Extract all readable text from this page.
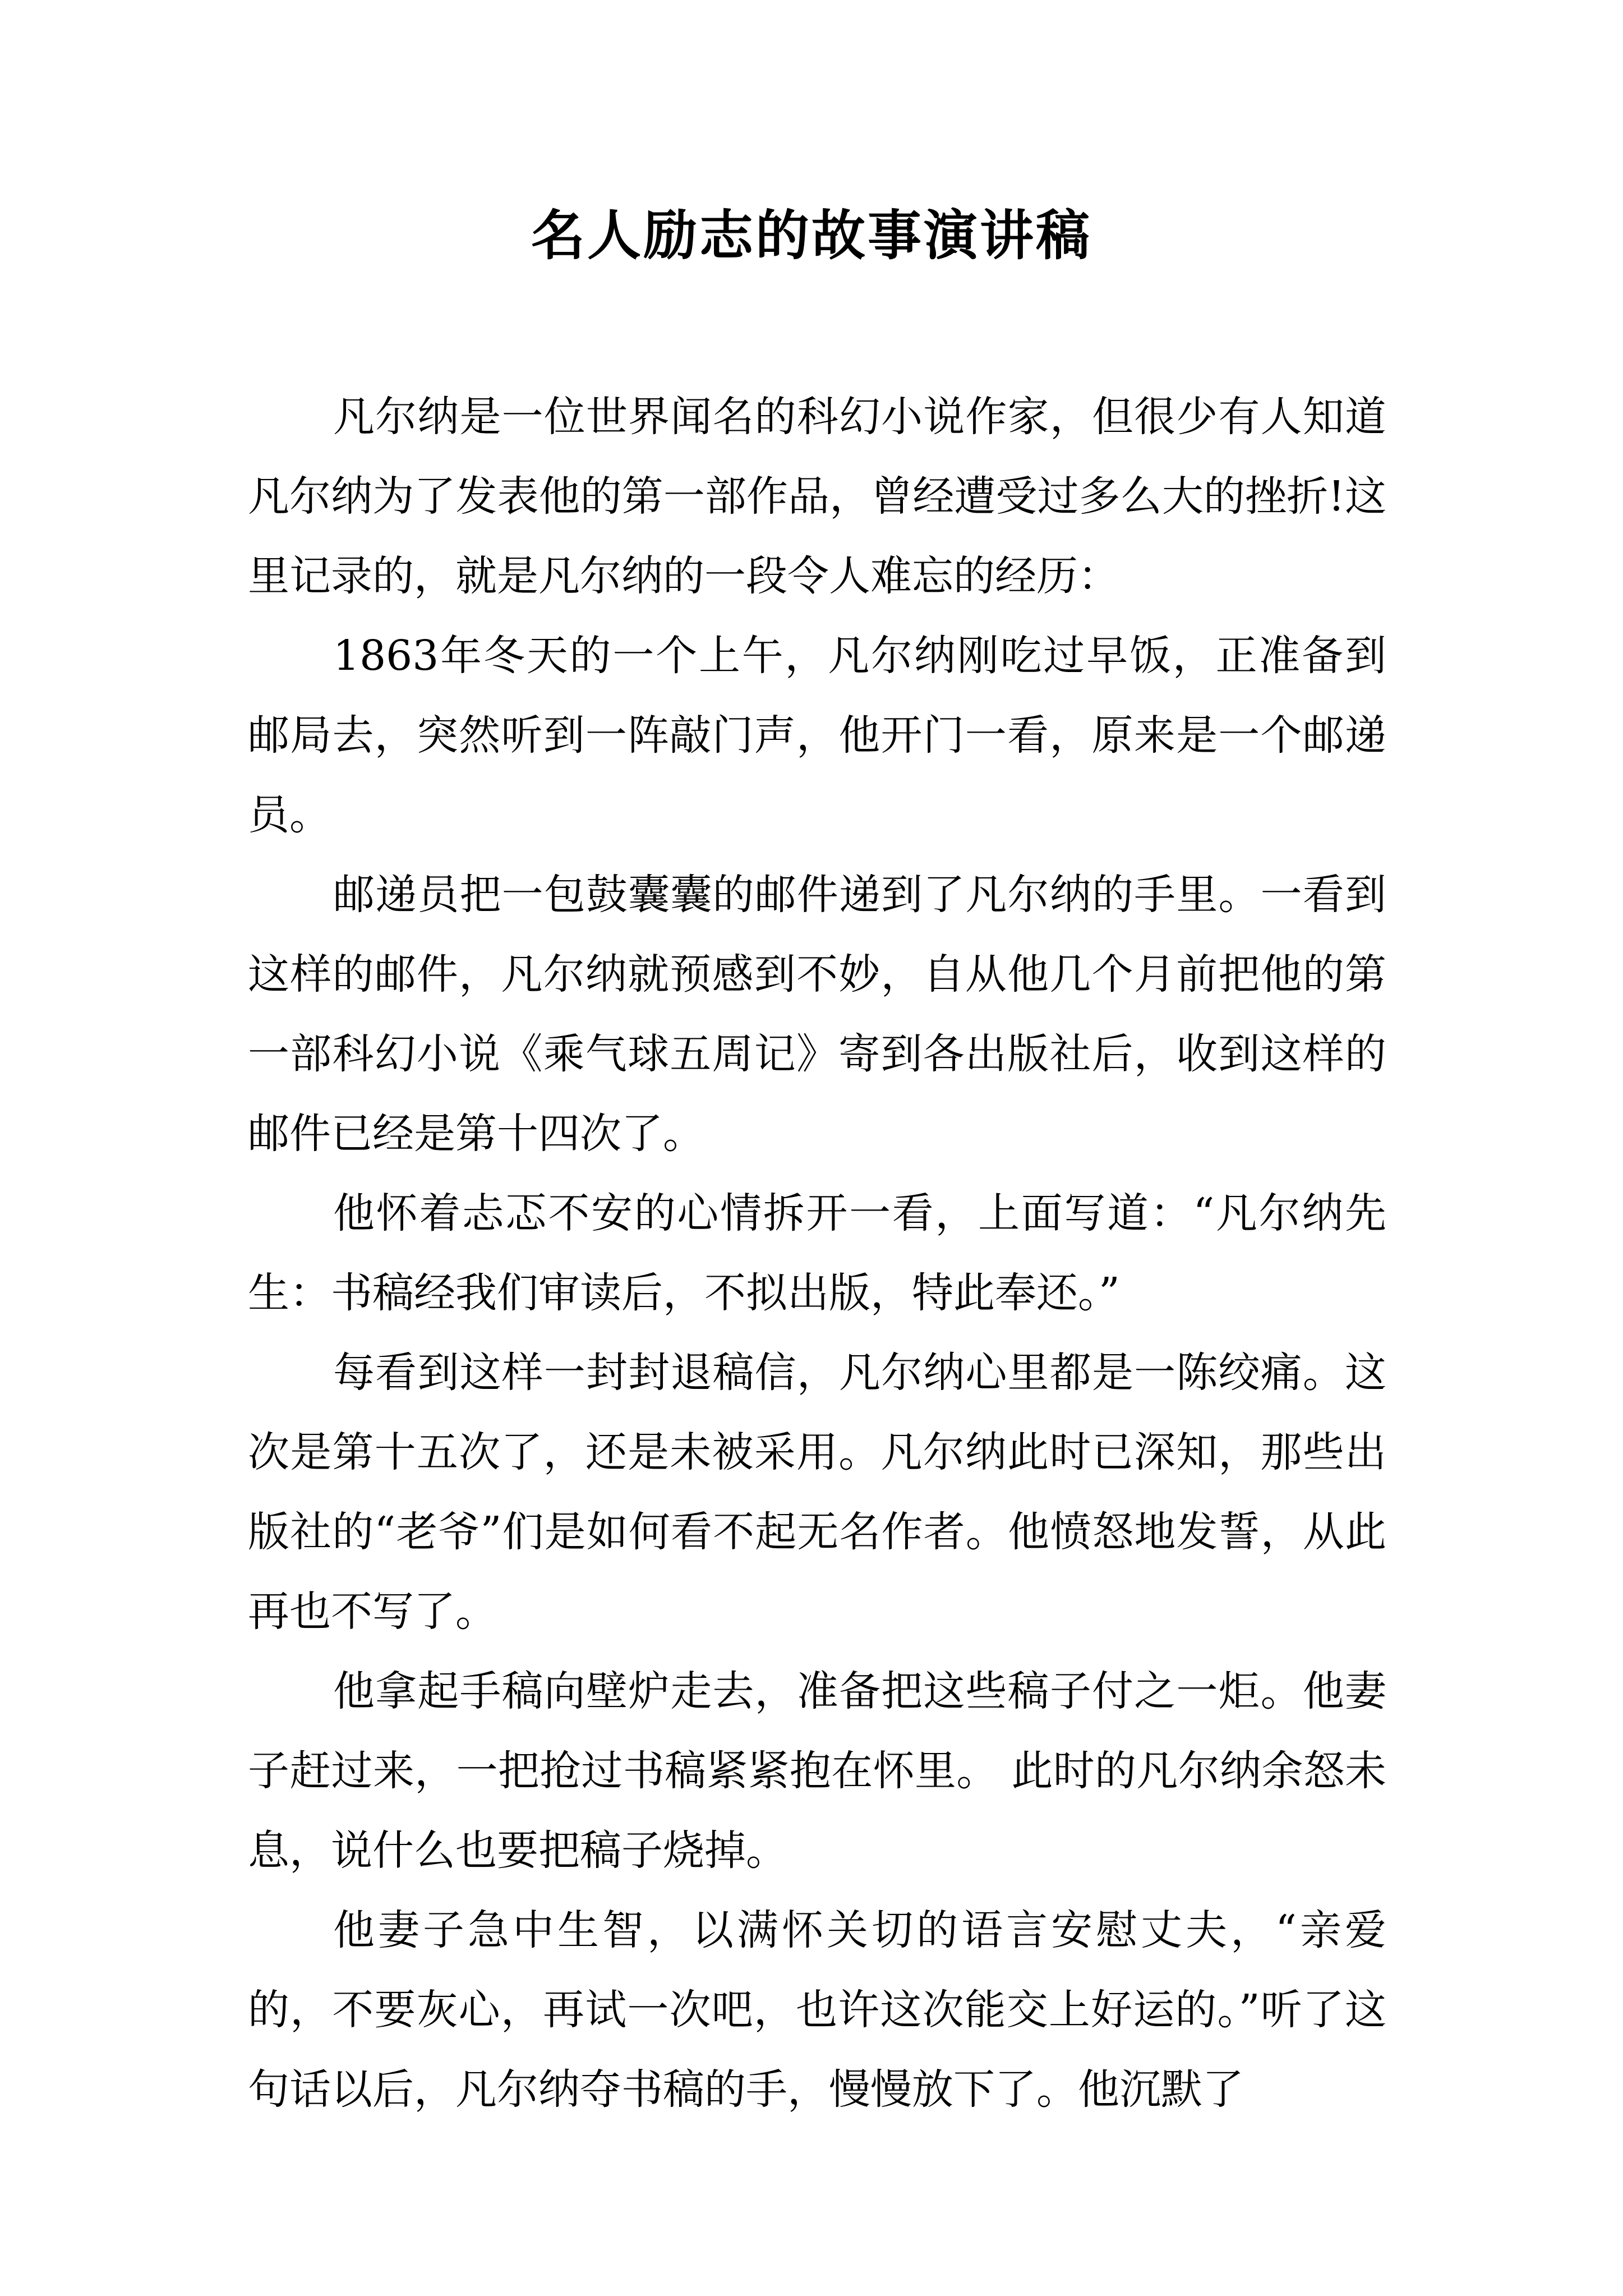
名人励志的故事演讲稿

凡尔纳是一位世界闻名的科幻小说作家，但很少有人知道凡尔纳为了发表他的第一部作品，曾经遭受过多么大的挫折!这里记录的，就是凡尔纳的一段令人难忘的经历：

1863年冬天的一个上午，凡尔纳刚吃过早饭，正准备到邮局去，突然听到一阵敲门声，他开门一看，原来是一个邮递员。

邮递员把一包鼓囊囊的邮件递到了凡尔纳的手里。一看到这样的邮件，凡尔纳就预感到不妙，自从他几个月前把他的第一部科幻小说《乘气球五周记》寄到各出版社后，收到这样的邮件已经是第十四次了。

他怀着忐忑不安的心情拆开一看，上面写道：“凡尔纳先生：书稿经我们审读后，不拟出版，特此奉还。”

每看到这样一封封退稿信，凡尔纳心里都是一陈绞痛。这次是第十五次了，还是未被采用。凡尔纳此时已深知，那些出版社的“老爷”们是如何看不起无名作者。他愤怒地发誓，从此再也不写了。

他拿起手稿向壁炉走去，准备把这些稿子付之一炬。他妻子赶过来，一把抢过书稿紧紧抱在怀里。 此时的凡尔纳余怒未息，说什么也要把稿子烧掉。

他妻子急中生智，以满怀关切的语言安慰丈夫，“亲爱的，不要灰心，再试一次吧，也许这次能交上好运的。”听了这句话以后，凡尔纳夺书稿的手，慢慢放下了。他沉默了
